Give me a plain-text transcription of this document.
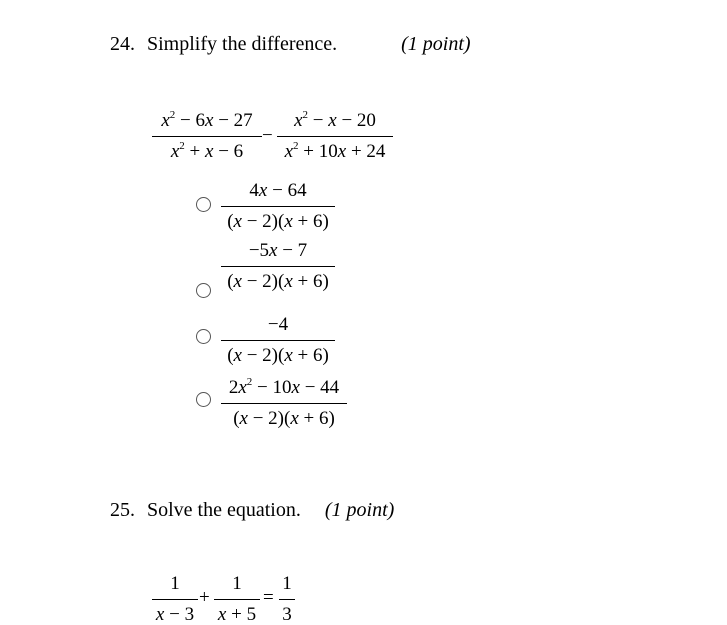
24. Simplify the difference.	(1 point)
$x^2 - 6x - 27$
$x^2 + x - 6$
−
$x^2 - x - 20$
$x^2 + 10x + 24$
4x − 64
(x − 2)(x + 6)
−5x − 7
(x − 2)(x + 6)
−4
(x − 2)(x + 6)
$2x^2 - 10x - 44$
(x − 2)(x + 6)
25. Solve the equation. (1 point)
1
x − 3
+
1
x + 5
=
1
3
